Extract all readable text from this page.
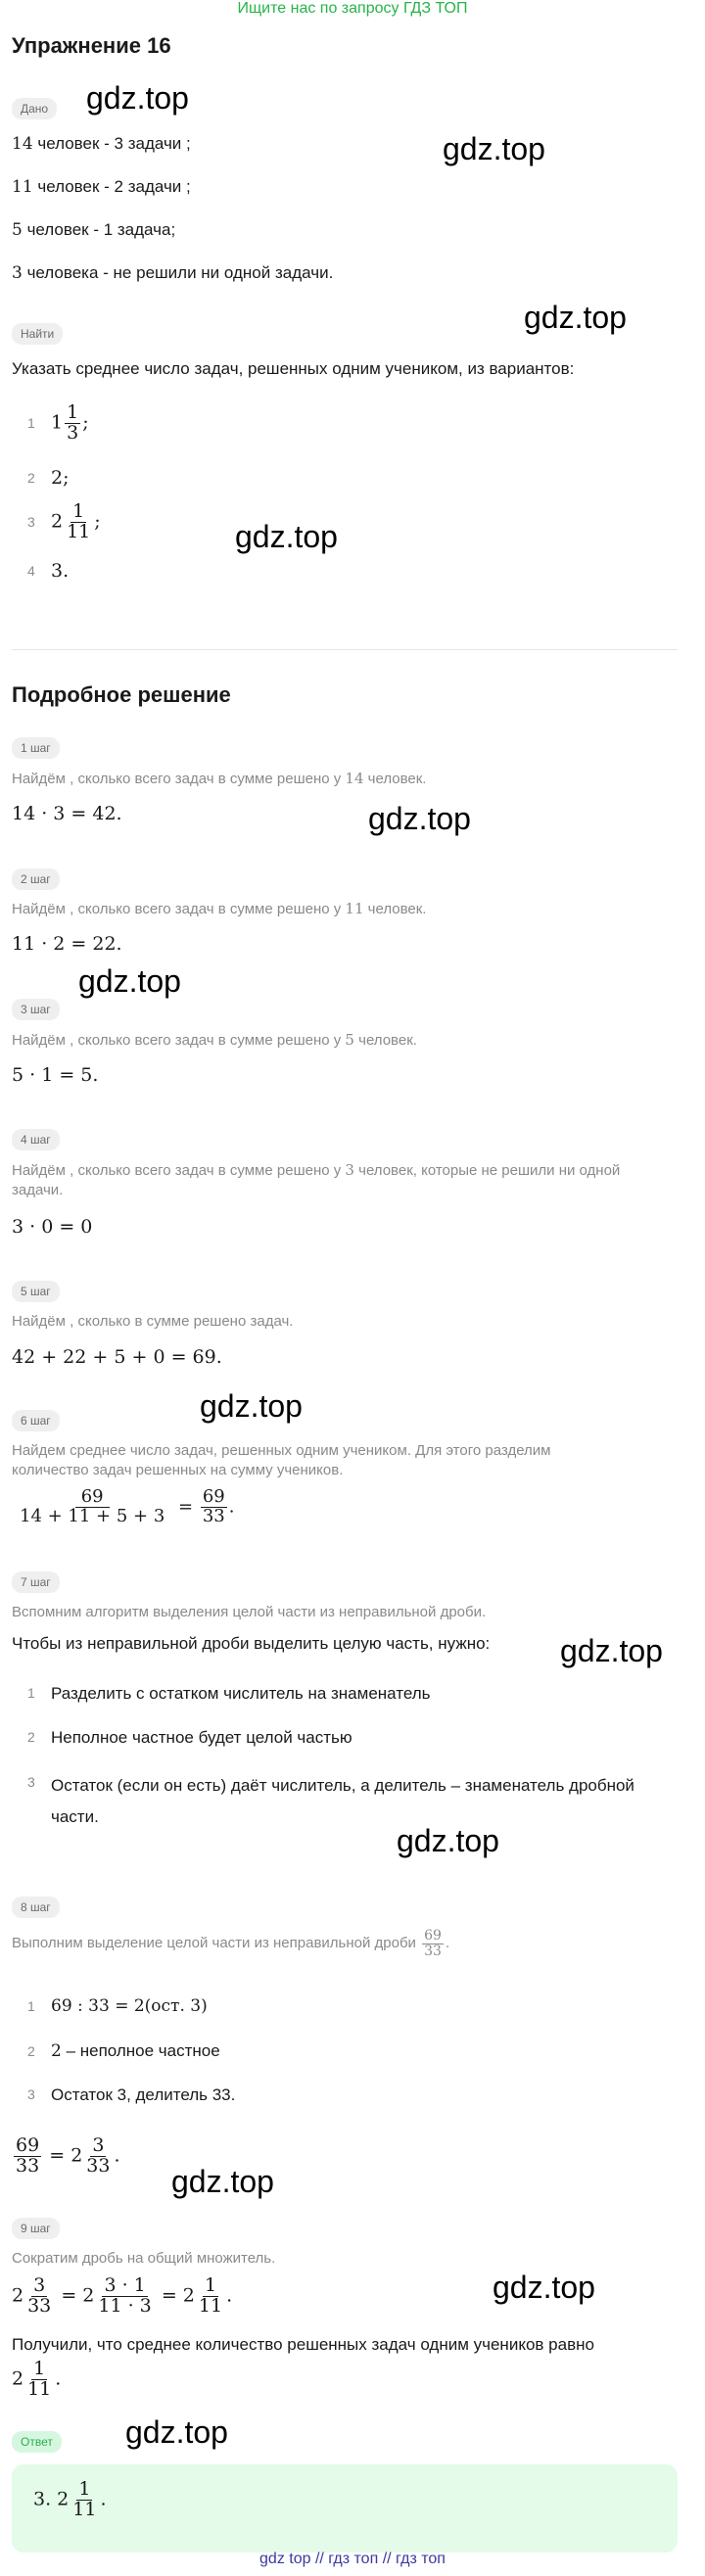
Ищите нас по запросу ГДЗ ТОП
Упражнение 16
Дано
14 человек - 3 задачи ;
11 человек - 2 задачи ;
5 человек - 1 задача;
3 человека - не решили ни одной задачи.
Найти
Указать среднее число задач, решенных одним учеником, из вариантов:
1 $1 \frac{1}{3}$ ;
2 2;
3 $2 \frac{1}{11}$ ;
4 3.
Подробное решение
1 шаг
Найдём , сколько всего задач в сумме решено у 14 человек.
14 · 3 = 42.
2 шаг
Найдём , сколько всего задач в сумме решено у 11 человек.
11 · 2 = 22.
3 шаг
Найдём , сколько всего задач в сумме решено у 5 человек.
5 · 1 = 5.
4 шаг
Найдём , сколько всего задач в сумме решено у 3 человек, которые не решили ни одной
задачи.
3 · 0 = 0
5 шаг
Найдём , сколько в сумме решено задач.
42 + 22 + 5 + 0 = 69.
6 шаг
Найдем среднее число задач, решенных одним учеником. Для этого разделим
количество задач решенных на сумму учеников.
$\frac{69}{14 + 11 + 5 + 3} = \frac{69}{33}$ .
7 шаг
Вспомним алгоритм выделения целой части из неправильной дроби.
Чтобы из неправильной дроби выделить целую часть, нужно:
1 Разделить с остатком числитель на знаменатель
2 Неполное частное будет целой частью
3 Остаток (если он есть) даёт числитель, а делитель – знаменатель дробной
части.
8 шаг
Выполним выделение целой части из неправильной дроби $\frac{69}{33}$ .
1 69 : 33 = 2(ост. 3)
2 2 – неполное частное
3 Остаток 3, делитель 33.
$\frac{69}{33} = 2 \frac{3}{33}$ .
9 шаг
Сократим дробь на общий множитель.
$2 \frac{3}{33} = 2 \frac{3 \cdot 1}{11 \cdot 3} = 2 \frac{1}{11}$ .
Получили, что среднее количество решенных задач одним учеников равно
$2 \frac{1}{11}$ .
Ответ
3. $2 \frac{1}{11}$ .
gdz.top
gdz.top
gdz.top
gdz.top
gdz.top
gdz.top
gdz.top
gdz.top
gdz.top
gdz.top
gdz.top
gdz.top
gdz top // гдз топ // гдз топ
